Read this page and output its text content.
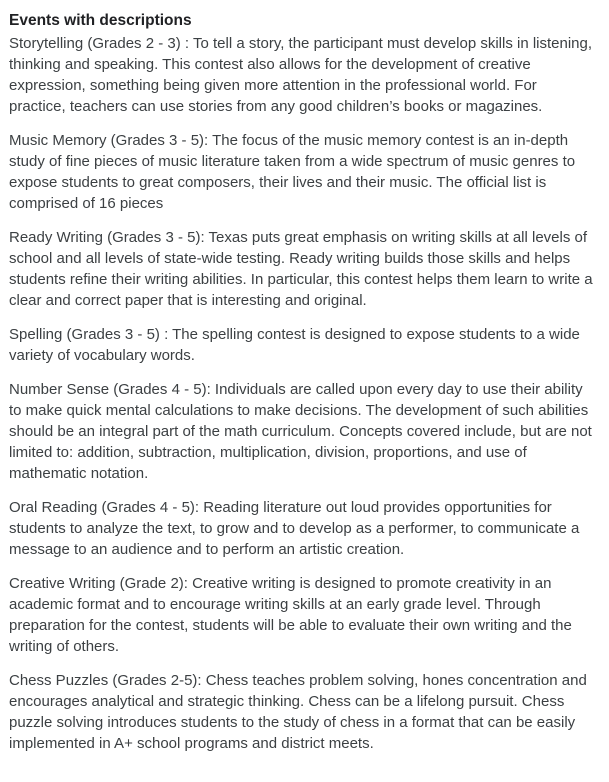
Events with descriptions

Storytelling (Grades 2 - 3) : To tell a story, the participant must develop skills in listening, thinking and speaking. This contest also allows for the development of creative expression, something being given more attention in the professional world. For practice, teachers can use stories from any good children’s books or magazines.

Music Memory (Grades 3 - 5): The focus of the music memory contest is an in-depth study of fine pieces of music literature taken from a wide spectrum of music genres to expose students to great composers, their lives and their music. The official list is comprised of 16 pieces

Ready Writing (Grades 3 - 5): Texas puts great emphasis on writing skills at all levels of school and all levels of state-wide testing. Ready writing builds those skills and helps students refine their writing abilities. In particular, this contest helps them learn to write a clear and correct paper that is interesting and original.

Spelling (Grades 3 - 5) : The spelling contest is designed to expose students to a wide variety of vocabulary words.

Number Sense (Grades 4 - 5): Individuals are called upon every day to use their ability to make quick mental calculations to make decisions. The development of such abilities should be an integral part of the math curriculum. Concepts covered include, but are not limited to: addition, subtraction, multiplication, division, proportions, and use of mathematic notation.

Oral Reading (Grades 4 - 5): Reading literature out loud provides opportunities for students to analyze the text, to grow and to develop as a performer, to communicate a message to an audience and to perform an artistic creation.

Creative Writing (Grade 2): Creative writing is designed to promote creativity in an academic format and to encourage writing skills at an early grade level. Through preparation for the contest, students will be able to evaluate their own writing and the writing of others.

Chess Puzzles (Grades 2-5): Chess teaches problem solving, hones concentration and encourages analytical and strategic thinking. Chess can be a lifelong pursuit. Chess puzzle solving introduces students to the study of chess in a format that can be easily implemented in A+ school programs and district meets.
